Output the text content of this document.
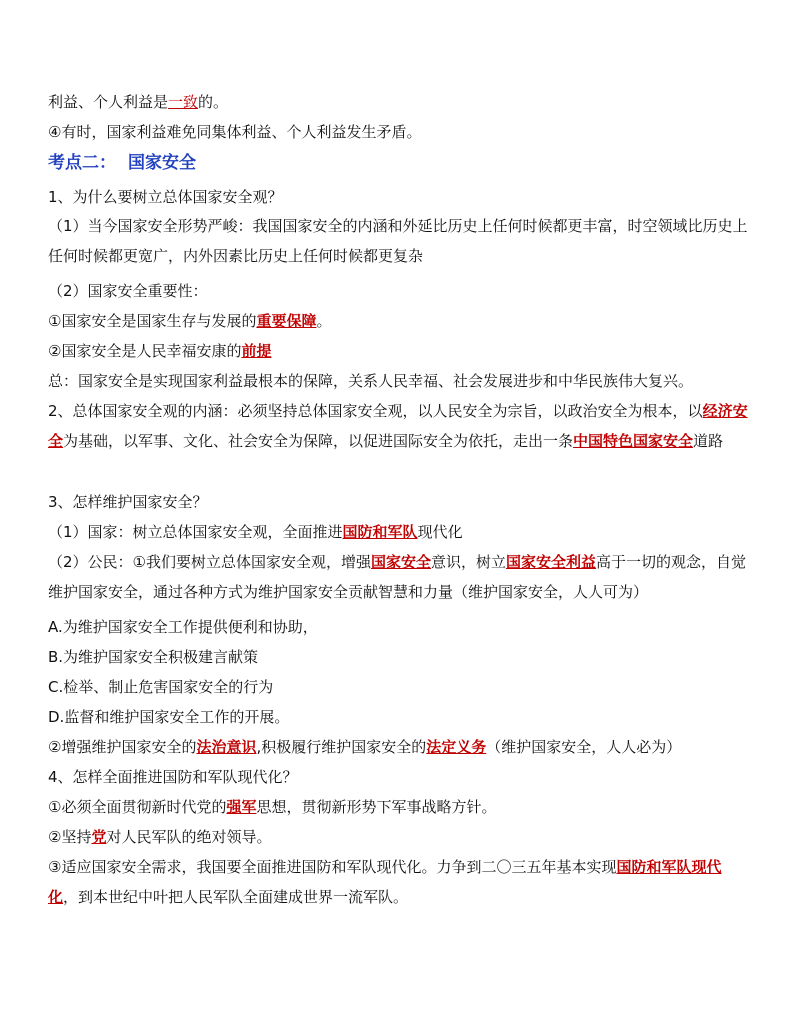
利益、个人利益是一致的。
④有时，国家利益难免同集体利益、个人利益发生矛盾。
考点二： 国家安全
1、为什么要树立总体国家安全观？
（1）当今国家安全形势严峻：我国国家安全的内涵和外延比历史上任何时候都更丰富，时空领域比历史上任何时候都更宽广，内外因素比历史上任何时候都更复杂
（2）国家安全重要性：
①国家安全是国家生存与发展的重要保障。
②国家安全是人民幸福安康的前提
总：国家安全是实现国家利益最根本的保障，关系人民幸福、社会发展进步和中华民族伟大复兴。
2、总体国家安全观的内涵：必须坚持总体国家安全观，以人民安全为宗旨，以政治安全为根本，以经济安全为基础，以军事、文化、社会安全为保障，以促进国际安全为依托，走出一条中国特色国家安全道路
3、怎样维护国家安全？
（1）国家：树立总体国家安全观，全面推进国防和军队现代化
（2）公民：①我们要树立总体国家安全观，增强国家安全意识，树立国家安全利益高于一切的观念，自觉维护国家安全，通过各种方式为维护国家安全贡献智慧和力量（维护国家安全，人人可为）
A.为维护国家安全工作提供便利和协助，
B.为维护国家安全积极建言献策
C.检举、制止危害国家安全的行为
D.监督和维护国家安全工作的开展。
②增强维护国家安全的法治意识,积极履行维护国家安全的法定义务（维护国家安全，人人必为）
4、怎样全面推进国防和军队现代化？
①必须全面贯彻新时代党的强军思想，贯彻新形势下军事战略方针。
②坚持党对人民军队的绝对领导。
③适应国家安全需求，我国要全面推进国防和军队现代化。力争到二〇三五年基本实现国防和军队现代化，到本世纪中叶把人民军队全面建成世界一流军队。
